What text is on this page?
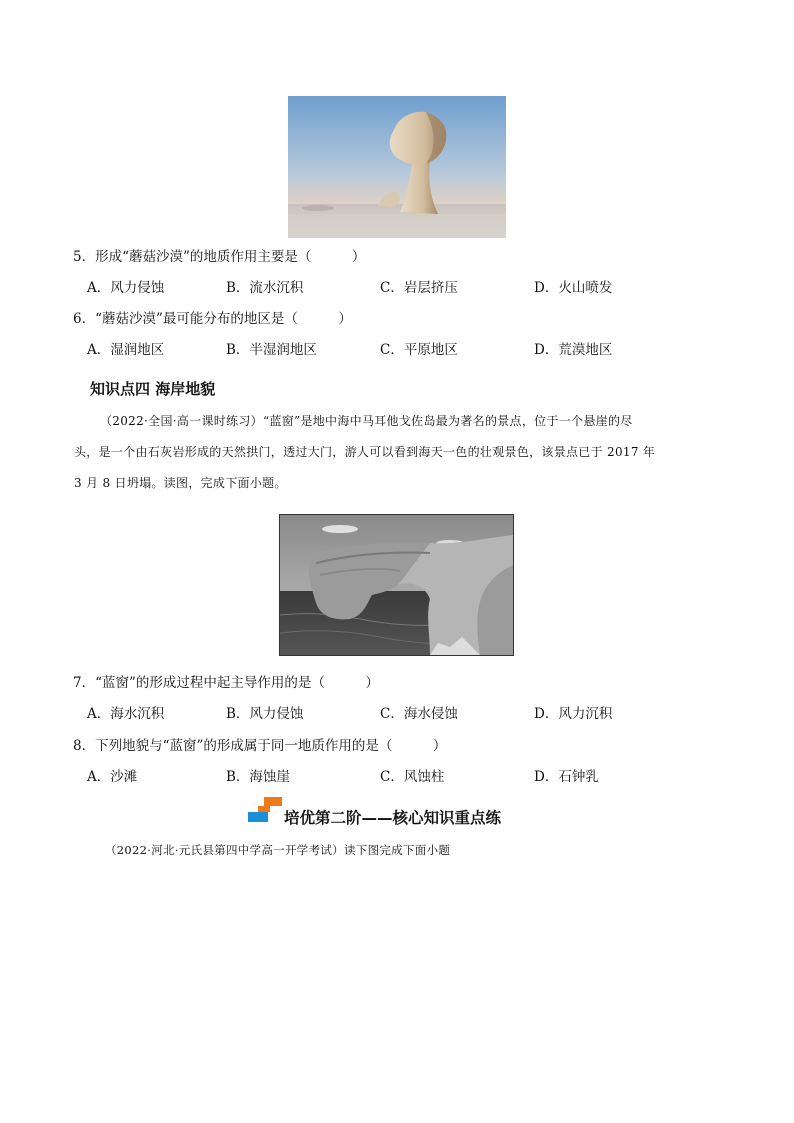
5．形成“蘑菇沙漠”的地质作用主要是（　　　）
A．风力侵蚀	B．流水沉积	C．岩层挤压	D．火山喷发
6．“蘑菇沙漠”最可能分布的地区是（　　　）
A．湿润地区	B．半湿润地区	C．平原地区	D．荒漠地区
知识点四 海岸地貌
（2022·全国·高一课时练习）“蓝窗”是地中海中马耳他戈佐岛最为著名的景点，位于一个悬崖的尽
头，是一个由石灰岩形成的天然拱门，透过大门，游人可以看到海天一色的壮观景色，该景点已于 2017 年
3 月 8 日坍塌。读图，完成下面小题。
7．“蓝窗”的形成过程中起主导作用的是（　　　）
A．海水沉积	B．风力侵蚀	C．海水侵蚀	D．风力沉积
8．下列地貌与“蓝窗”的形成属于同一地质作用的是（　　　）
A．沙滩	B．海蚀崖	C．风蚀柱	D．石钟乳
培优第二阶——核心知识重点练
（2022·河北·元氏县第四中学高一开学考试）读下图完成下面小题
